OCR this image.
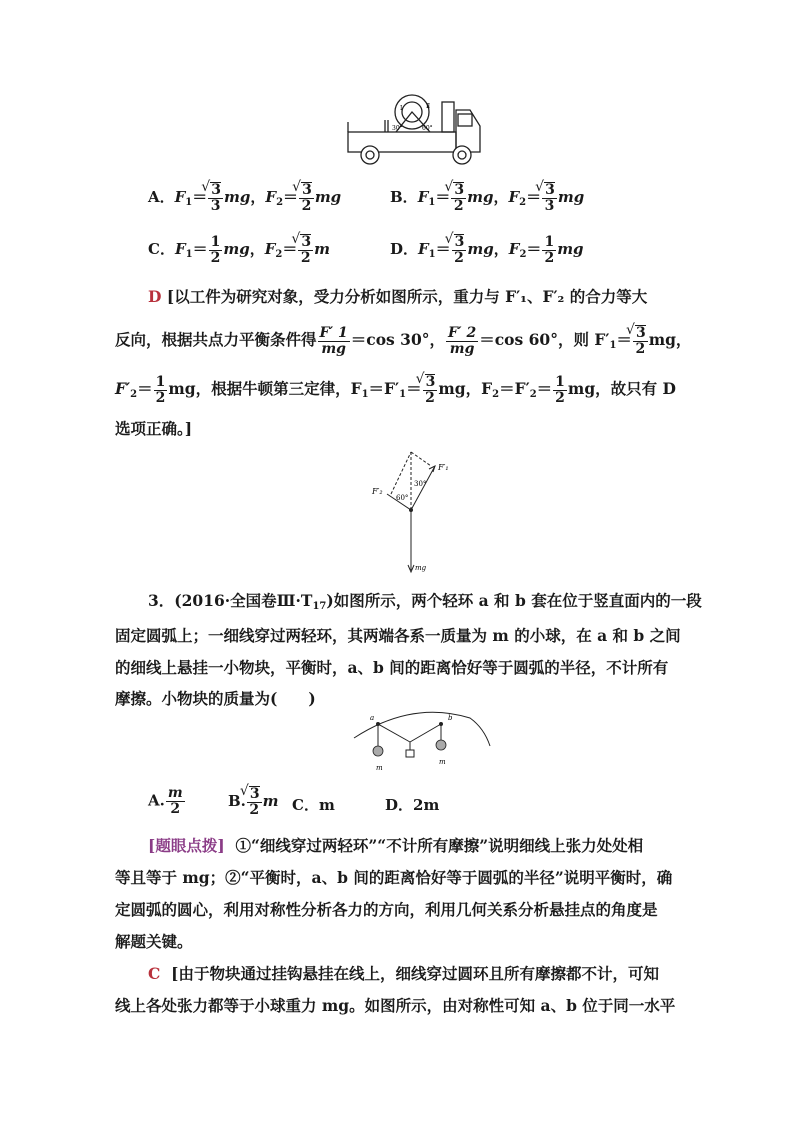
30°	60°
Ⅰ	Ⅱ
A．$F_1=$ √ $\frac{3}{3}$ mg，$F_2=$ √ $\frac{3}{2}$ mg	B．$F_1=$ √ $\frac{3}{2}$ mg，$F_2=$ √ $\frac{3}{3}$ mg
C．$F_1= \frac{1}{2}$ mg，$F_2=$ √ $\frac{3}{2}$ m	D．$F_1=$ √ $\frac{3}{2}$ mg，$F_2= \frac{1}{2}$ mg
D [以工件为研究对象，受力分析如图所示，重力与 F′₁、F′₂ 的合力等大
反向，根据共点力平衡条件得 $\frac{F' 1}{mg} =\cos$ 30°， $\frac{F' 2}{mg} =\cos$ 60°，则 $F'_1=$ √ $\frac{3}{2}$ mg，
$F'_2= \frac{1}{2}$ mg，根据牛顿第三定律，$F_1=F'_1=$ √ $\frac{3}{2}$ mg，$F_2=F'_2= \frac{1}{2}$ mg，故只有 D
选项正确。]
F′₁
F′₂
30°
60°
mg
3．(2016·全国卷$Ⅲ\cdot T_{17}$)如图所示，两个轻环 a 和 b 套在位于竖直面内的一段
固定圆弧上；一细线穿过两轻环，其两端各系一质量为 m 的小球，在 a 和 b 之间
的细线上悬挂一小物块，平衡时，a、b 间的距离恰好等于圆弧的半径，不计所有
摩擦。小物块的质量为(　　)
a	b
m
m
A. $\frac{m}{2}$	B. √ $\frac{3}{2}$ m C．m	D．2m
[题眼点拨] ①“细线穿过两轻环”“不计所有摩擦”说明细线上张力处处相
等且等于 mg；②“平衡时，a、b 间的距离恰好等于圆弧的半径”说明平衡时，确
定圆弧的圆心，利用对称性分析各力的方向，利用几何关系分析悬挂点的角度是
解题关键。
C [由于物块通过挂钩悬挂在线上，细线穿过圆环且所有摩擦都不计，可知
线上各处张力都等于小球重力 mg。如图所示，由对称性可知 a、b 位于同一水平
